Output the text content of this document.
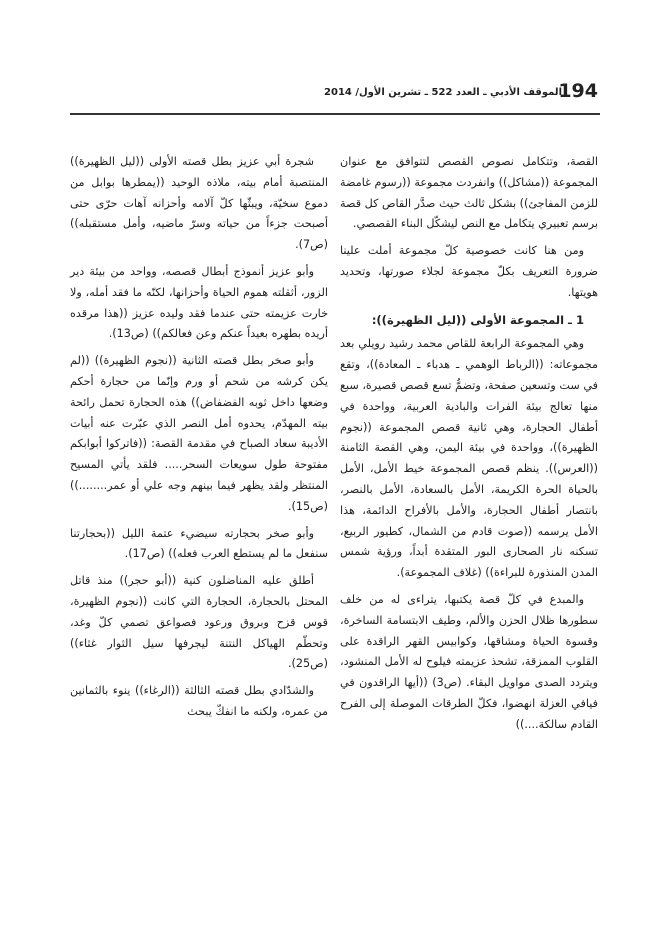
194
الموقف الأدبي ـ العدد 522 ـ تشرين الأول/ 2014

القصة، وتتكامل نصوص القصص لتتوافق مع عنوان المجموعة ((مشاكل)) وانفردت مجموعة ((رسوم غامضة للزمن المفاجئ)) بشكل ثالث حيث صدَّر القاص كل قصة برسم تعبيري يتكامل مع النص ليشكّل البناء القصصي.

ومن هنا كانت خصوصية كلّ مجموعة أملت علينا ضرورة التعريف بكلّ مجموعة لجلاء صورتها، وتحديد هويتها.

1 ـ المجموعة الأولى ((ليل الظهيرة)):

وهي المجموعة الرابعة للقاص محمد رشيد رويلي بعد مجموعاته: ((الرباط الوهمي ـ هدباء ـ المعادة))، وتقع في ست وتسعين صفحة، وتضمُّ تسع قصص قصيرة، سبع منها تعالج بيئة الفرات والبادية العربية، وواحدة في أطفال الحجارة، وهي ثانية قصص المجموعة ((نجوم الظهيرة))، وواحدة في بيئة اليمن، وهي القصة الثامنة ((العرس)). ينظم قصص المجموعة خيط الأمل، الأمل بالحياة الحرة الكريمة، الأمل بالسعادة، الأمل بالنصر، بانتصار أطفال الحجارة، والأمل بالأفراح الدائمة، هذا الأمل يرسمه ((صوت قادم من الشمال، كطيور الربيع، تسكنه نار الصحارى البور المتقدة أبداً، ورؤية شمس المدن المنذورة للبراءة)) (غلاف المجموعة).

والمبدع في كلّ قصة يكتبها، يتراءى له من خلف سطورها ظلال الحزن والألم، وطيف الابتسامة الساخرة، وقسوة الحياة ومشاقها، وكوابيس القهر الراقدة على القلوب الممزقة، تشحذ عزيمته فيلوح له الأمل المنشود، ويتردد الصدى مواويل البقاء. (ص3) ((أيها الراقدون في فيافي العزلة انهضوا، فكلّ الطرقات الموصلة إلى الفرح القادم سالكة....))

شجرة أبي عزيز بطل قصته الأولى ((ليل الظهيرة)) المنتصبة أمام بيته، ملاذه الوحيد ((يمطرها بوابل من دموع سخيّة، ويبثّها كلّ آلامه وأحزانه آهات حرّى حتى أصبحت جزءاً من حياته وسرّ ماضيه، وأمل مستقبله)) (ص7).

وأبو عزيز أنموذج أبطال قصصه، وواحد من بيئة دير الزور، أثقلته هموم الحياة وأحزانها، لكنّه ما فقد أمله، ولا خارت عزيمته حتى عندما فقد وليده عزيز ((هذا مرقده أريده بطهره بعيداً عنكم وعن فعالكم)) (ص13).

وأبو صخر بطل قصته الثانية ((نجوم الظهيرة)) ((لم يكن كرشه من شحم أو ورم وإنّما من حجارة أحكم وضعها داخل ثوبه الفضفاض)) هذه الحجارة تحمل رائحة بيته المهدّم، يحدوه أمل النصر الذي عبّرت عنه أبيات الأديبة سعاد الصباح في مقدمة القصة: ((فاتركوا أبوابكم مفتوحة طول سويعات السحر..... فلقد يأتي المسيح المنتظر ولقد يظهر فيما بينهم وجه علي أو عمر........)) (ص15).

وأبو صخر بحجارته سيضيء عتمة الليل ((بحجارتنا سنفعل ما لم يستطع العرب فعله)) (ص17).

أطلق عليه المناضلون كنية ((أبو حجر)) منذ قاتل المحتل بالحجارة، الحجارة التي كانت ((نجوم الظهيرة، قوس قزح وبروق ورعود فصواعق تصمي كلّ وغد، وتحطّم الهياكل النتنة ليجرفها سيل الثوار غثاء)) (ص25).

والشدّادي بطل قصته الثالثة ((الرغاء)) ينوء بالثمانين من عمره، ولكنه ما انفكّ يبحث
